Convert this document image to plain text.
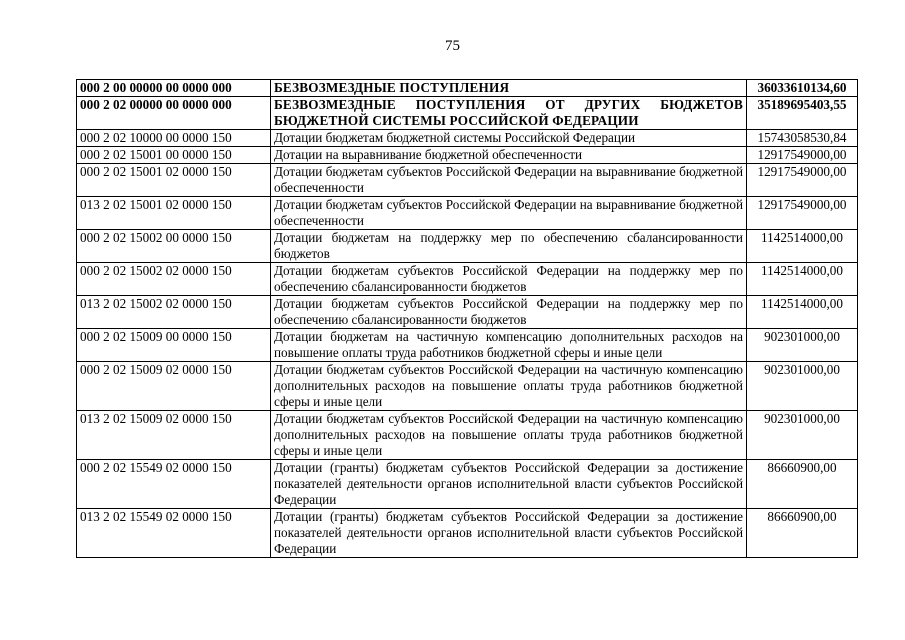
75
000 2 00 00000 00 0000 000	БЕЗВОЗМЕЗДНЫЕ ПОСТУПЛЕНИЯ	36033610134,60
000 2 02 00000 00 0000 000	БЕЗВОЗМЕЗДНЫЕ ПОСТУПЛЕНИЯ ОТ ДРУГИХ БЮДЖЕТОВ БЮДЖЕТНОЙ СИСТЕМЫ РОССИЙСКОЙ ФЕДЕРАЦИИ	35189695403,55
000 2 02 10000 00 0000 150	Дотации бюджетам бюджетной системы Российской Федерации	15743058530,84
000 2 02 15001 00 0000 150	Дотации на выравнивание бюджетной обеспеченности	12917549000,00
000 2 02 15001 02 0000 150	Дотации бюджетам субъектов Российской Федерации на выравнивание бюджетной обеспеченности	12917549000,00
013 2 02 15001 02 0000 150	Дотации бюджетам субъектов Российской Федерации на выравнивание бюджетной обеспеченности	12917549000,00
000 2 02 15002 00 0000 150	Дотации бюджетам на поддержку мер по обеспечению сбалансированности бюджетов	1142514000,00
000 2 02 15002 02 0000 150	Дотации бюджетам субъектов Российской Федерации на поддержку мер по обеспечению сбалансированности бюджетов	1142514000,00
013 2 02 15002 02 0000 150	Дотации бюджетам субъектов Российской Федерации на поддержку мер по обеспечению сбалансированности бюджетов	1142514000,00
000 2 02 15009 00 0000 150	Дотации бюджетам на частичную компенсацию дополнительных расходов на повышение оплаты труда работников бюджетной сферы и иные цели	902301000,00
000 2 02 15009 02 0000 150	Дотации бюджетам субъектов Российской Федерации на частичную компенсацию дополнительных расходов на повышение оплаты труда работников бюджетной сферы и иные цели	902301000,00
013 2 02 15009 02 0000 150	Дотации бюджетам субъектов Российской Федерации на частичную компенсацию дополнительных расходов на повышение оплаты труда работников бюджетной сферы и иные цели	902301000,00
000 2 02 15549 02 0000 150	Дотации (гранты) бюджетам субъектов Российской Федерации за достижение показателей деятельности органов исполнительной власти субъектов Российской Федерации	86660900,00
013 2 02 15549 02 0000 150	Дотации (гранты) бюджетам субъектов Российской Федерации за достижение показателей деятельности органов исполнительной власти субъектов Российской Федерации	86660900,00
